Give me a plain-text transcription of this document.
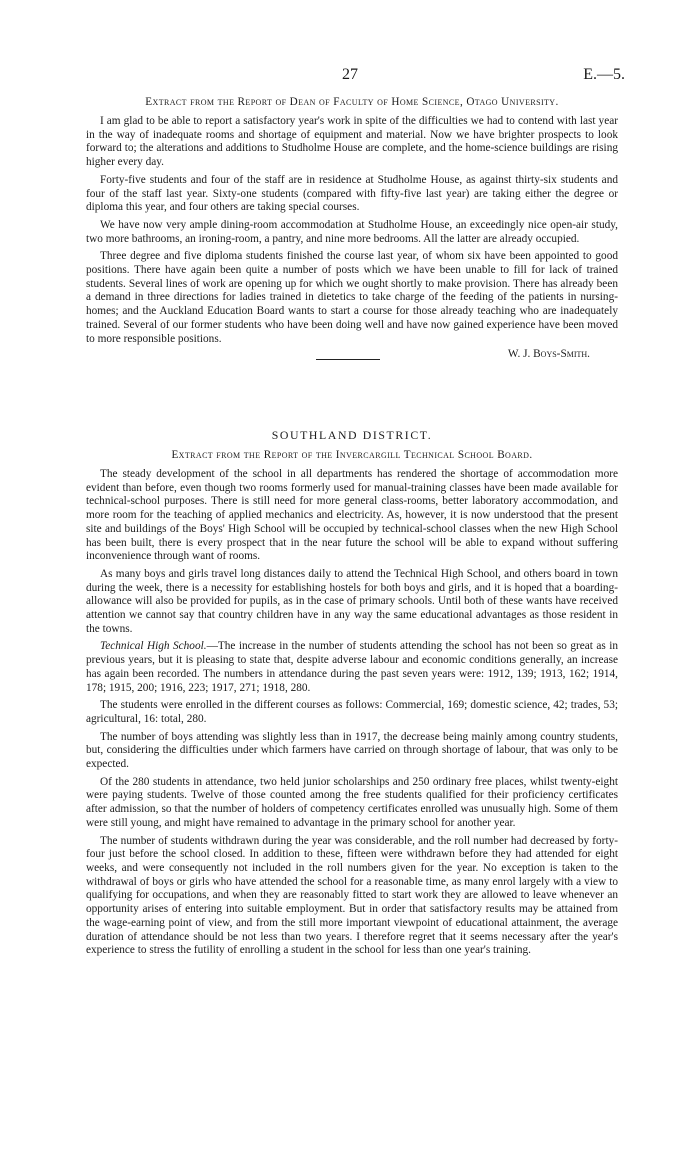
27	E.—5.
Extract from the Report of Dean of Faculty of Home Science, Otago University.

I am glad to be able to report a satisfactory year's work in spite of the difficulties we had to contend with last year in the way of inadequate rooms and shortage of equipment and material. Now we have brighter prospects to look forward to; the alterations and additions to Studholme House are complete, and the home-science buildings are rising higher every day.

Forty-five students and four of the staff are in residence at Studholme House, as against thirty-six students and four of the staff last year. Sixty-one students (compared with fifty-five last year) are taking either the degree or diploma this year, and four others are taking special courses.

We have now very ample dining-room accommodation at Studholme House, an exceedingly nice open-air study, two more bathrooms, an ironing-room, a pantry, and nine more bedrooms. All the latter are already occupied.

Three degree and five diploma students finished the course last year, of whom six have been appointed to good positions. There have again been quite a number of posts which we have been unable to fill for lack of trained students. Several lines of work are opening up for which we ought shortly to make provision. There has already been a demand in three directions for ladies trained in dietetics to take charge of the feeding of the patients in nursing-homes; and the Auckland Education Board wants to start a course for those already teaching who are inadequately trained. Several of our former students who have been doing well and have now gained experience have been moved to more responsible positions.

W. J. Boys-Smith.
SOUTHLAND DISTRICT.
Extract from the Report of the Invercargill Technical School Board.

The steady development of the school in all departments has rendered the shortage of accommodation more evident than before, even though two rooms formerly used for manual-training classes have been made available for technical-school purposes. There is still need for more general class-rooms, better laboratory accommodation, and more room for the teaching of applied mechanics and electricity. As, however, it is now understood that the present site and buildings of the Boys' High School will be occupied by technical-school classes when the new High School has been built, there is every prospect that in the near future the school will be able to expand without suffering inconvenience through want of rooms.

As many boys and girls travel long distances daily to attend the Technical High School, and others board in town during the week, there is a necessity for establishing hostels for both boys and girls, and it is hoped that a boarding-allowance will also be provided for pupils, as in the case of primary schools. Until both of these wants have received attention we cannot say that country children have in any way the same educational advantages as those resident in the towns.

Technical High School.—The increase in the number of students attending the school has not been so great as in previous years, but it is pleasing to state that, despite adverse labour and economic conditions generally, an increase has again been recorded. The numbers in attendance during the past seven years were: 1912, 139; 1913, 162; 1914, 178; 1915, 200; 1916, 223; 1917, 271; 1918, 280.

The students were enrolled in the different courses as follows: Commercial, 169; domestic science, 42; trades, 53; agricultural, 16: total, 280.

The number of boys attending was slightly less than in 1917, the decrease being mainly among country students, but, considering the difficulties under which farmers have carried on through shortage of labour, that was only to be expected.

Of the 280 students in attendance, two held junior scholarships and 250 ordinary free places, whilst twenty-eight were paying students. Twelve of those counted among the free students qualified for their proficiency certificates after admission, so that the number of holders of competency certificates enrolled was unusually high. Some of them were still young, and might have remained to advantage in the primary school for another year.

The number of students withdrawn during the year was considerable, and the roll number had decreased by forty-four just before the school closed. In addition to these, fifteen were withdrawn before they had attended for eight weeks, and were consequently not included in the roll numbers given for the year. No exception is taken to the withdrawal of boys or girls who have attended the school for a reasonable time, as many enrol largely with a view to qualifying for occupations, and when they are reasonably fitted to start work they are allowed to leave whenever an opportunity arises of entering into suitable employment. But in order that satisfactory results may be attained from the wage-earning point of view, and from the still more important viewpoint of educational attainment, the average duration of attendance should be not less than two years. I therefore regret that it seems necessary after the year's experience to stress the futility of enrolling a student in the school for less than one year's training.
